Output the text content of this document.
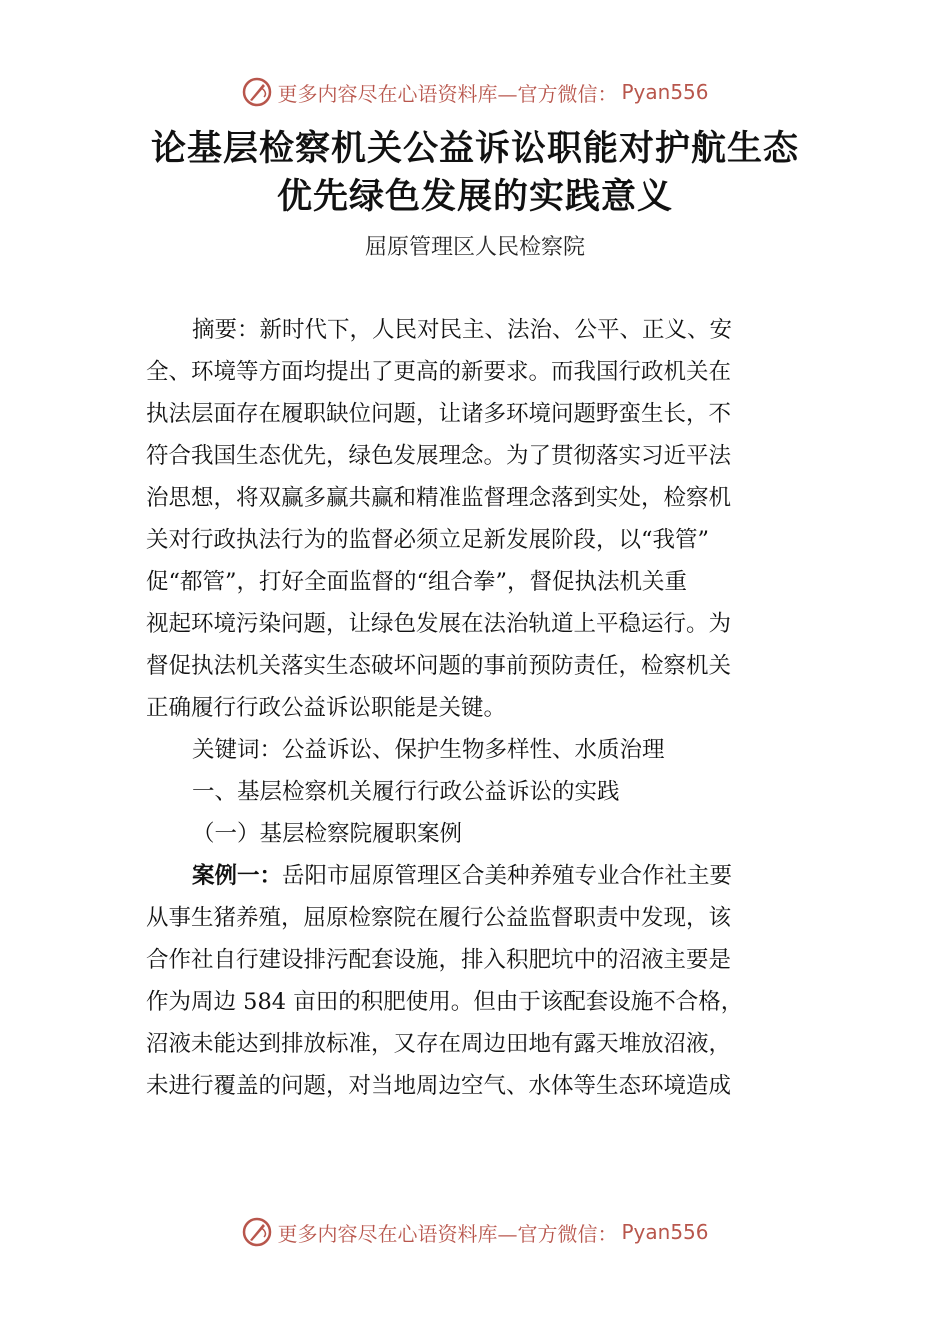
更多内容尽在心语资料库—官方微信： Pyan556
论基层检察机关公益诉讼职能对护航生态
优先绿色发展的实践意义
屈原管理区人民检察院
摘要：新时代下，人民对民主、法治、公平、正义、安
全、环境等方面均提出了更高的新要求。而我国行政机关在
执法层面存在履职缺位问题，让诸多环境问题野蛮生长，不
符合我国生态优先，绿色发展理念。为了贯彻落实习近平法
治思想，将双赢多赢共赢和精准监督理念落到实处，检察机
关对行政执法行为的监督必须立足新发展阶段，以“我管”
促“都管”，打好全面监督的“组合拳”，督促执法机关重
视起环境污染问题，让绿色发展在法治轨道上平稳运行。为
督促执法机关落实生态破坏问题的事前预防责任，检察机关
正确履行行政公益诉讼职能是关键。
关键词：公益诉讼、保护生物多样性、水质治理
一、基层检察机关履行行政公益诉讼的实践
（一）基层检察院履职案例
案例一：岳阳市屈原管理区合美种养殖专业合作社主要
从事生猪养殖，屈原检察院在履行公益监督职责中发现，该
合作社自行建设排污配套设施，排入积肥坑中的沼液主要是
作为周边 584 亩田的积肥使用。但由于该配套设施不合格，
沼液未能达到排放标准，又存在周边田地有露天堆放沼液，
未进行覆盖的问题，对当地周边空气、水体等生态环境造成
更多内容尽在心语资料库—官方微信： Pyan556
